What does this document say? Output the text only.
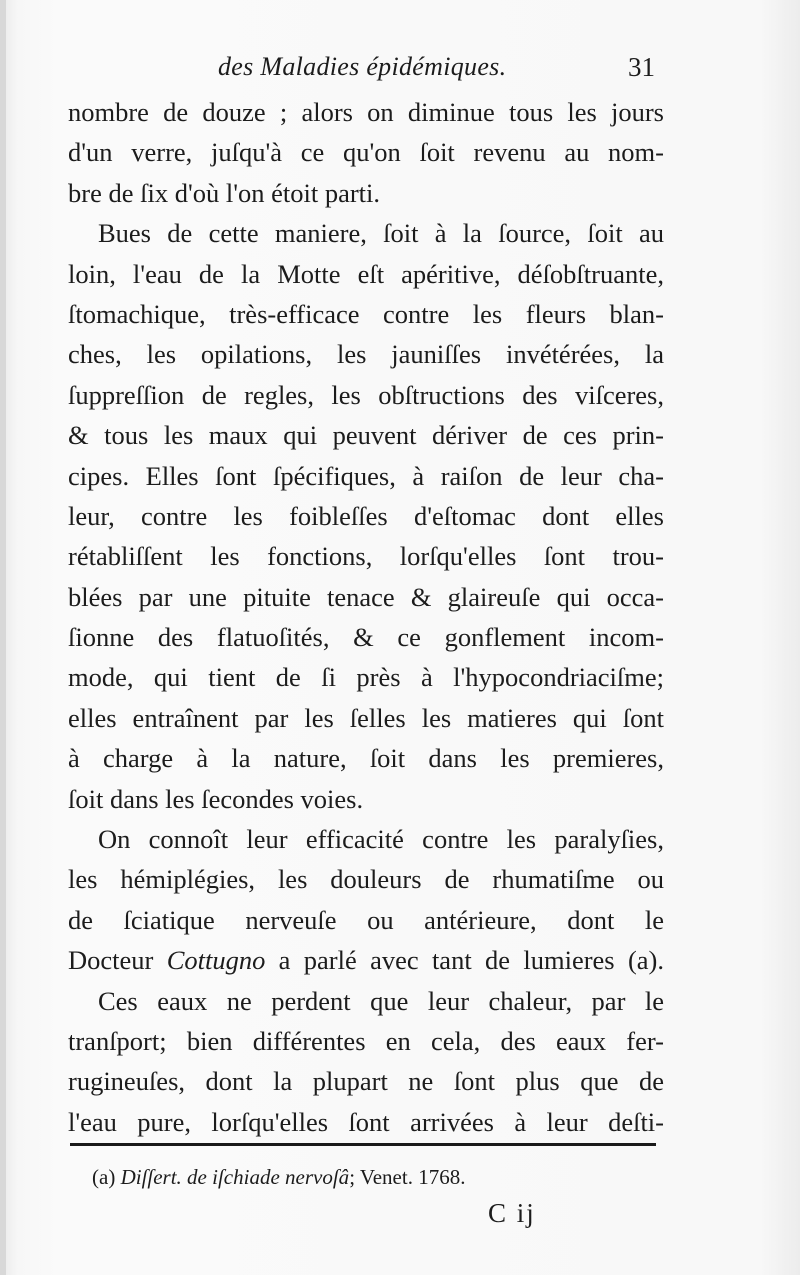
des Maladies épidémiques.	31
nombre de douze ; alors on diminue tous les jours
d'un verre, juſqu'à ce qu'on ſoit revenu au nom-
bre de ſix d'où l'on étoit parti.
Bues de cette maniere, ſoit à la ſource, ſoit au
loin, l'eau de la Motte eſt apéritive, déſobſtruante,
ſtomachique, très-efficace contre les fleurs blan-
ches, les opilations, les jauniſſes invétérées, la
ſuppreſſion de regles, les obſtructions des viſceres,
& tous les maux qui peuvent dériver de ces prin-
cipes. Elles ſont ſpécifiques, à raiſon de leur cha-
leur, contre les foibleſſes d'eſtomac dont elles
rétabliſſent les fonctions, lorſqu'elles ſont trou-
blées par une pituite tenace & glaireuſe qui occa-
ſionne des flatuoſités, & ce gonflement incom-
mode, qui tient de ſi près à l'hypocondriaciſme;
elles entraînent par les ſelles les matieres qui ſont
à charge à la nature, ſoit dans les premieres,
ſoit dans les ſecondes voies.
On connoît leur efficacité contre les paralyſies,
les hémiplégies, les douleurs de rhumatiſme ou
de ſciatique nerveuſe ou antérieure, dont le
Docteur Cottugno a parlé avec tant de lumieres (a).
Ces eaux ne perdent que leur chaleur, par le
tranſport; bien différentes en cela, des eaux fer-
rugineuſes, dont la plupart ne ſont plus que de
l'eau pure, lorſqu'elles ſont arrivées à leur deſti-
(a) Diſſert. de iſchiade nervoſâ; Venet. 1768.
C ij
